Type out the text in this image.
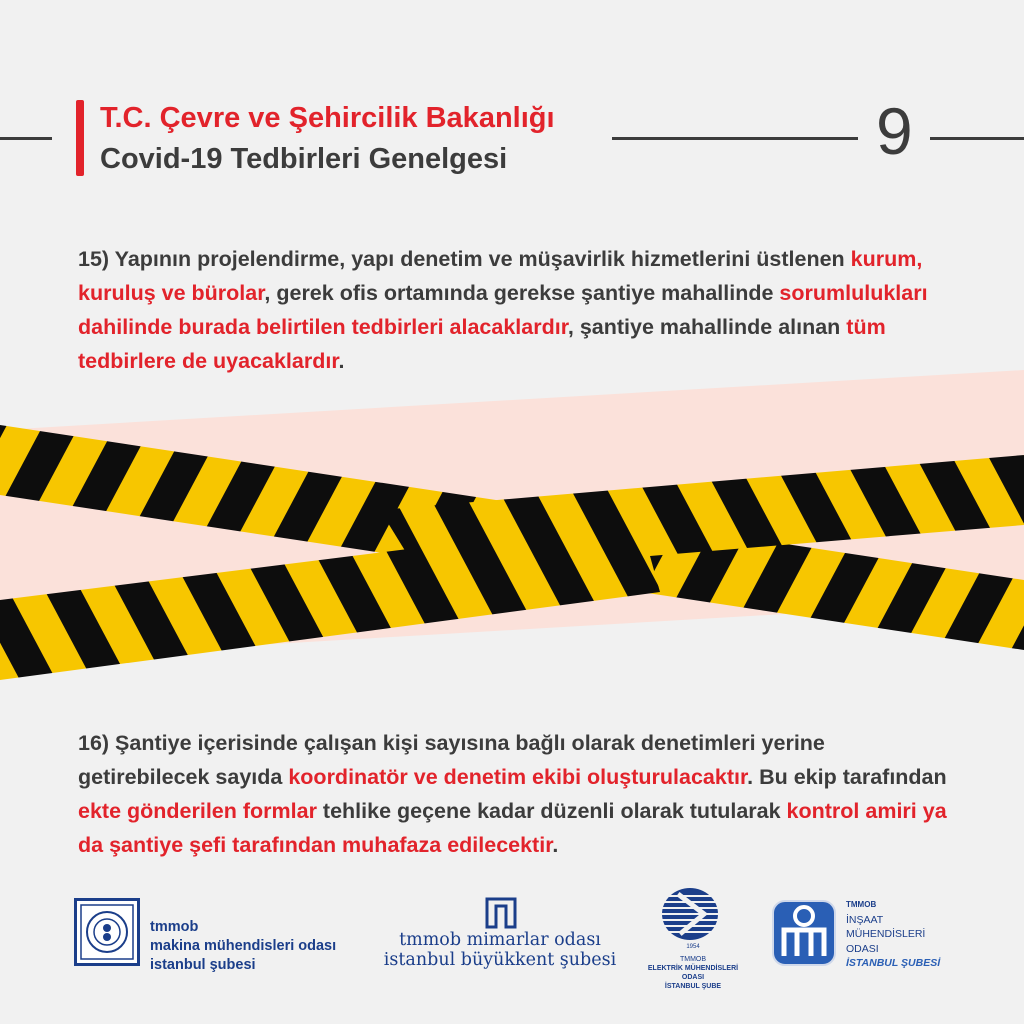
T.C. Çevre ve Şehircilik Bakanlığı
Covid-19 Tedbirleri Genelgesi	9
15) Yapının projelendirme, yapı denetim ve müşavirlik hizmetlerini üstlenen kurum, kuruluş ve bürolar, gerek ofis ortamında gerekse şantiye mahallinde sorumlulukları dahilinde burada belirtilen tedbirleri alacaklardır, şantiye mahallinde alınan tüm tedbirlere de uyacaklardır.
16) Şantiye içerisinde çalışan kişi sayısına bağlı olarak denetimleri yerine getirebilecek sayıda koordinatör ve denetim ekibi oluşturulacaktır. Bu ekip tarafından ekte gönderilen formlar tehlike geçene kadar düzenli olarak tutularak kontrol amiri ya da şantiye şefi tarafından muhafaza edilecektir.
tmmob
makina mühendisleri odası
istanbul şubesi
tmmob mimarlar odası
istanbul büyükkent şubesi
1954
TMMOB
ELEKTRİK MÜHENDİSLERİ ODASI
İSTANBUL ŞUBE
TMMOB
İNŞAAT
MÜHENDİSLERİ
ODASI
İSTANBUL ŞUBESİ
